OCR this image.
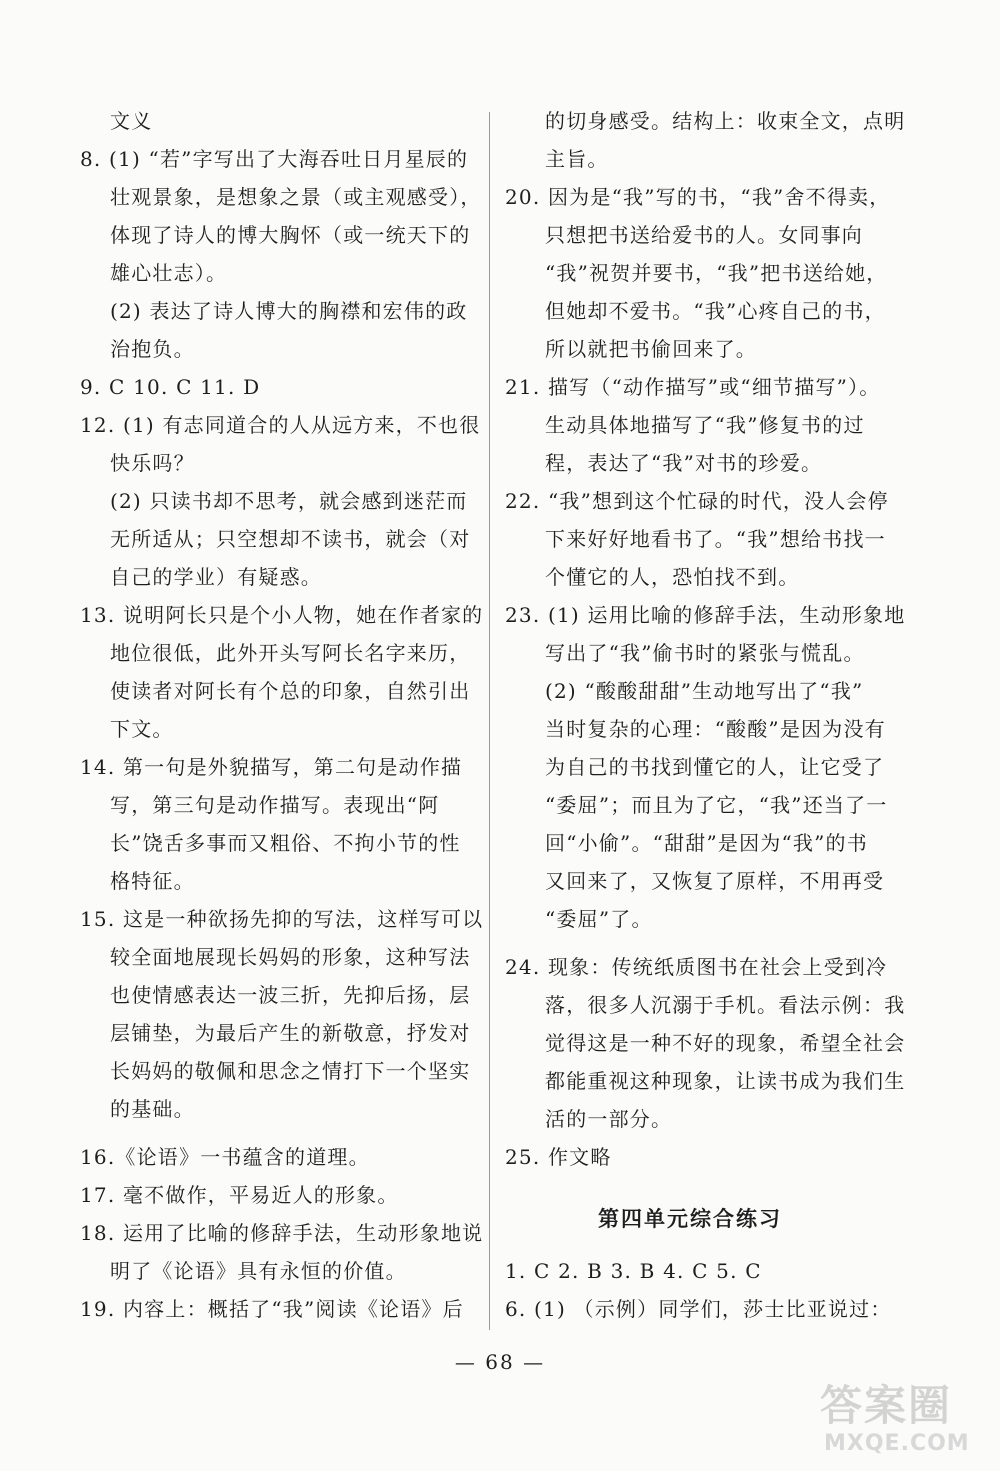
文义
8. (1) “若”字写出了大海吞吐日月星辰的
壮观景象，是想象之景（或主观感受），
体现了诗人的博大胸怀（或一统天下的
雄心壮志）。
(2) 表达了诗人博大的胸襟和宏伟的政
治抱负。
9. C 10. C 11. D
12. (1) 有志同道合的人从远方来，不也很
快乐吗？
(2) 只读书却不思考，就会感到迷茫而
无所适从；只空想却不读书，就会（对
自己的学业）有疑惑。
13. 说明阿长只是个小人物，她在作者家的
地位很低，此外开头写阿长名字来历，
使读者对阿长有个总的印象，自然引出
下文。
14. 第一句是外貌描写，第二句是动作描
写，第三句是动作描写。表现出“阿
长”饶舌多事而又粗俗、不拘小节的性
格特征。
15. 这是一种欲扬先抑的写法，这样写可以
较全面地展现长妈妈的形象，这种写法
也使情感表达一波三折，先抑后扬，层
层铺垫，为最后产生的新敬意，抒发对
长妈妈的敬佩和思念之情打下一个坚实
的基础。
16.《论语》一书蕴含的道理。
17. 毫不做作，平易近人的形象。
18. 运用了比喻的修辞手法，生动形象地说
明了《论语》具有永恒的价值。
19. 内容上：概括了“我”阅读《论语》后
的切身感受。结构上：收束全文，点明
主旨。
20. 因为是“我”写的书，“我”舍不得卖，
只想把书送给爱书的人。女同事向
“我”祝贺并要书，“我”把书送给她，
但她却不爱书。“我”心疼自己的书，
所以就把书偷回来了。
21. 描写（“动作描写”或“细节描写”）。
生动具体地描写了“我”修复书的过
程，表达了“我”对书的珍爱。
22. “我”想到这个忙碌的时代，没人会停
下来好好地看书了。“我”想给书找一
个懂它的人，恐怕找不到。
23. (1) 运用比喻的修辞手法，生动形象地
写出了“我”偷书时的紧张与慌乱。
(2) “酸酸甜甜”生动地写出了“我”
当时复杂的心理：“酸酸”是因为没有
为自己的书找到懂它的人，让它受了
“委屈”；而且为了它，“我”还当了一
回“小偷”。“甜甜”是因为“我”的书
又回来了，又恢复了原样，不用再受
“委屈”了。
24. 现象：传统纸质图书在社会上受到冷
落，很多人沉溺于手机。看法示例：我
觉得这是一种不好的现象，希望全社会
都能重视这种现象，让读书成为我们生
活的一部分。
25. 作文略
第四单元综合练习
1. C 2. B 3. B 4. C 5. C
6. (1) （示例）同学们，莎士比亚说过：
— 68 —
答案圈
MXQE.COM
